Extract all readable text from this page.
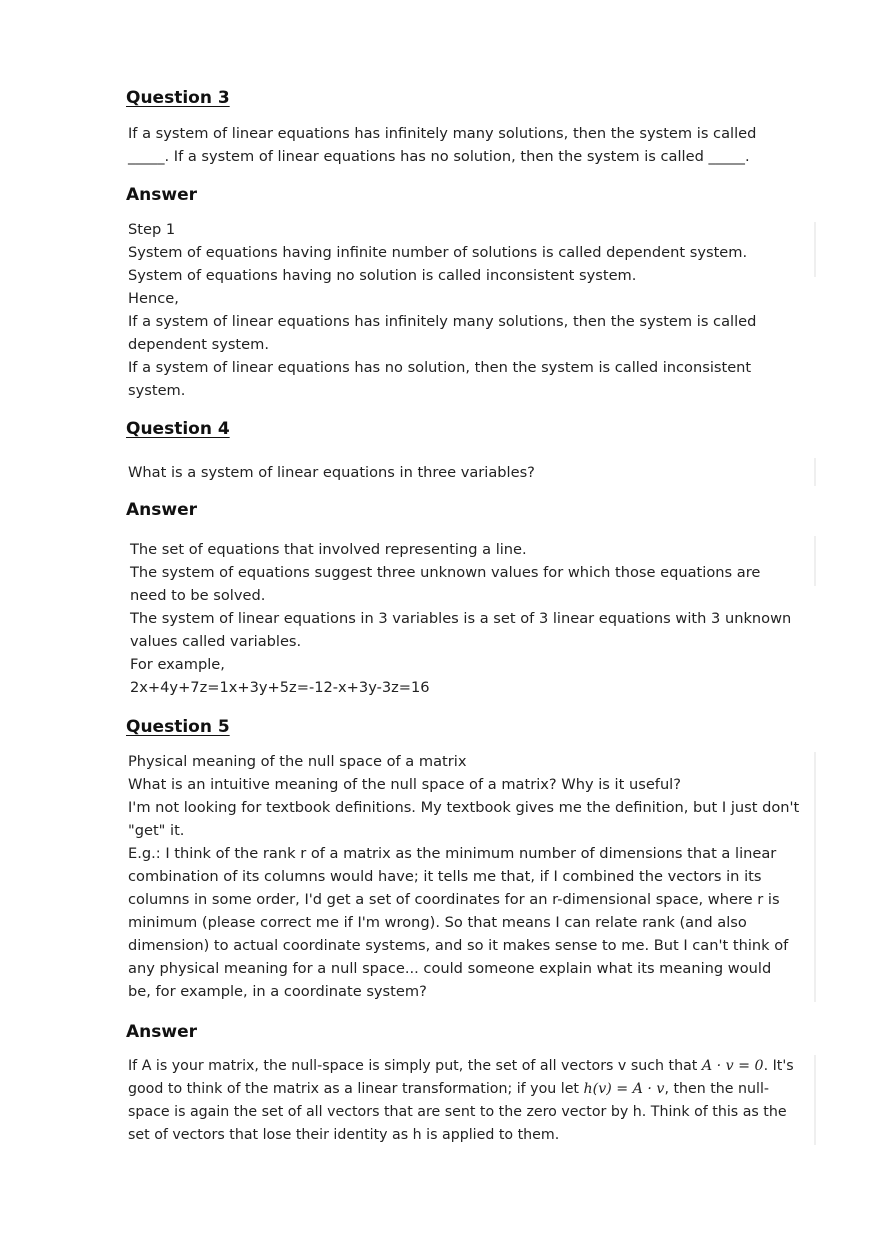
Question 3

If a system of linear equations has infinitely many solutions, then the system is called

_____. If a system of linear equations has no solution, then the system is called _____.

Answer

Step 1

System of equations having infinite number of solutions is called dependent system.

System of equations having no solution is called inconsistent system.

Hence,

If a system of linear equations has infinitely many solutions, then the system is called

dependent system.

If a system of linear equations has no solution, then the system is called inconsistent

system.

Question 4

What is a system of linear equations in three variables?

Answer

The set of equations that involved representing a line.

The system of equations suggest three unknown values for which those equations are

need to be solved.

The system of linear equations in 3 variables is a set of 3 linear equations with 3 unknown

values called variables.

For example,

2x+4y+7z=1x+3y+5z=-12-x+3y-3z=16

Question 5

Physical meaning of the null space of a matrix

What is an intuitive meaning of the null space of a matrix? Why is it useful?

I'm not looking for textbook definitions. My textbook gives me the definition, but I just don't

"get" it.

E.g.: I think of the rank r of a matrix as the minimum number of dimensions that a linear

combination of its columns would have; it tells me that, if I combined the vectors in its

columns in some order, I'd get a set of coordinates for an r-dimensional space, where r is

minimum (please correct me if I'm wrong). So that means I can relate rank (and also

dimension) to actual coordinate systems, and so it makes sense to me. But I can't think of

any physical meaning for a null space... could someone explain what its meaning would

be, for example, in a coordinate system?

Answer

If A is your matrix, the null-space is simply put, the set of all vectors v such that A · v = 0. It's

good to think of the matrix as a linear transformation; if you let h(v) = A · v, then the null-

space is again the set of all vectors that are sent to the zero vector by h. Think of this as the

set of vectors that lose their identity as h is applied to them.
